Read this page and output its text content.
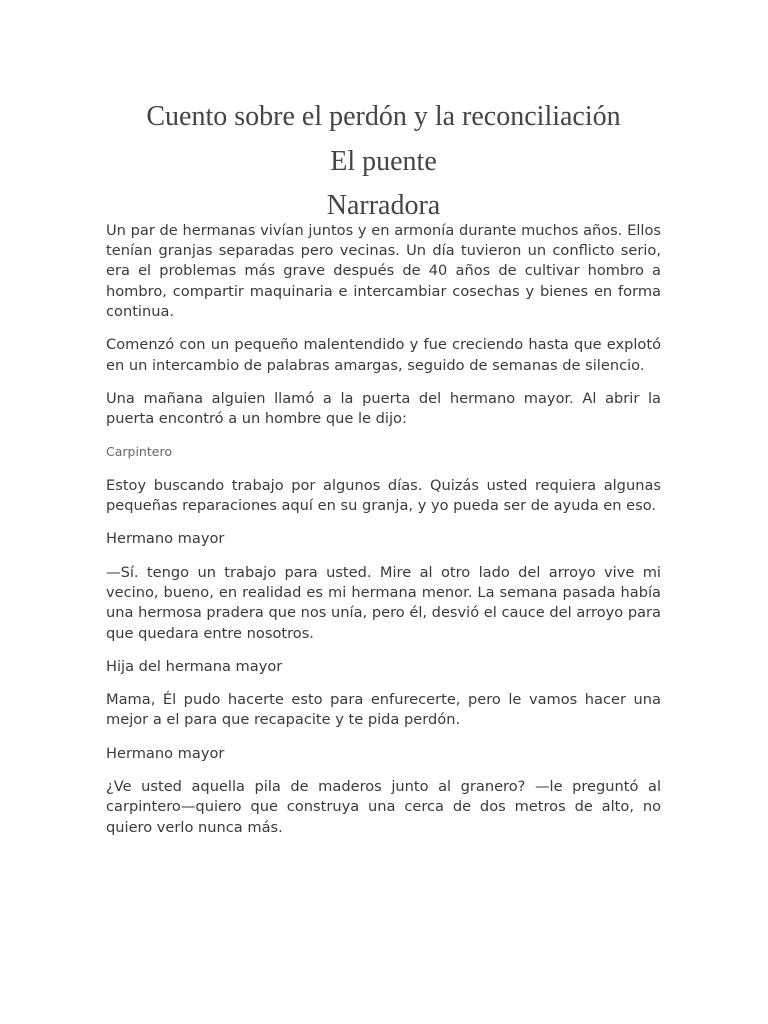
Cuento sobre el perdón y la reconciliación
El puente
Narradora

Un par de hermanas vivían juntos y en armonía durante muchos años. Ellos tenían granjas separadas pero vecinas. Un día tuvieron un conflicto serio, era el problemas más grave después de 40 años de cultivar hombro a hombro, compartir maquinaria e intercambiar cosechas y bienes en forma continua.

Comenzó con un pequeño malentendido y fue creciendo hasta que explotó en un intercambio de palabras amargas, seguido de semanas de silencio.

Una mañana alguien llamó a la puerta del hermano mayor. Al abrir la puerta encontró a un hombre que le dijo:

Carpintero

Estoy buscando trabajo por algunos días. Quizás usted requiera algunas pequeñas reparaciones aquí en su granja, y yo pueda ser de ayuda en eso.

Hermano mayor

—Sí. tengo un trabajo para usted. Mire al otro lado del arroyo vive mi vecino, bueno, en realidad es mi hermana menor. La semana pasada había una hermosa pradera que nos unía, pero él, desvió el cauce del arroyo para que quedara entre nosotros.

Hija del hermana mayor

Mama, Él pudo hacerte esto para enfurecerte, pero le vamos hacer una mejor a el para que recapacite y te pida perdón.

Hermano mayor

¿Ve usted aquella pila de maderos junto al granero? —le preguntó al carpintero—quiero que construya una cerca de dos metros de alto, no quiero verlo nunca más.
